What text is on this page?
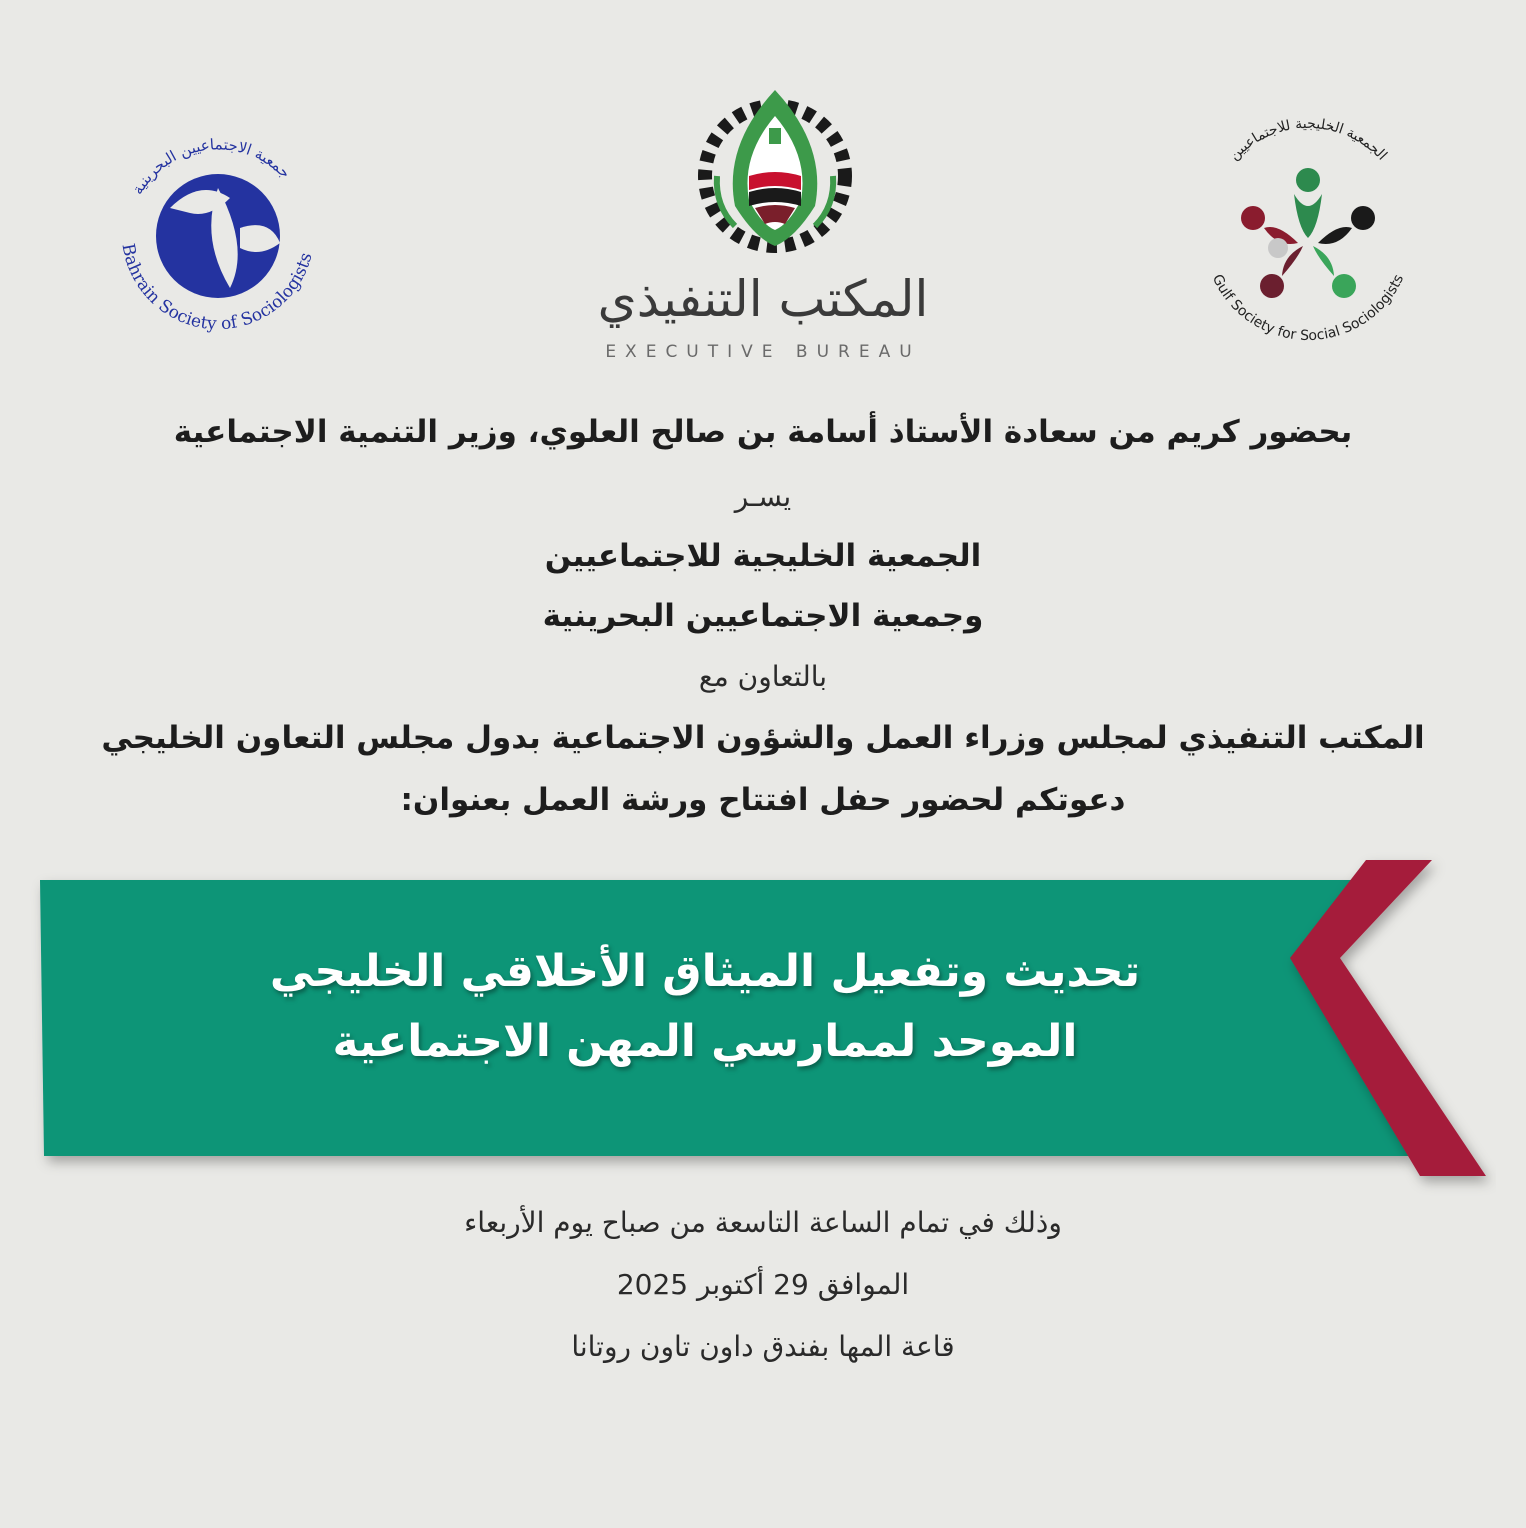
جمعية الاجتماعيين البحرينية
Bahrain Society of Sociologists
المكتب التنفيذي
EXECUTIVE BUREAU
الجمعية الخليجية للاجتماعيين
Gulf Society for Social Sociologists
بحضور كريم من سعادة الأستاذ أسامة بن صالح العلوي، وزير التنمية الاجتماعية
يسـر
الجمعية الخليجية للاجتماعيين
وجمعية الاجتماعيين البحرينية
بالتعاون مع
المكتب التنفيذي لمجلس وزراء العمل والشؤون الاجتماعية بدول مجلس التعاون الخليجي
دعوتكم لحضور حفل افتتاح ورشة العمل بعنوان:
تحديث وتفعيل الميثاق الأخلاقي الخليجي
الموحد لممارسي المهن الاجتماعية
وذلك في تمام الساعة التاسعة من صباح يوم الأربعاء
الموافق 29 أكتوبر 2025
قاعة المها بفندق داون تاون روتانا
